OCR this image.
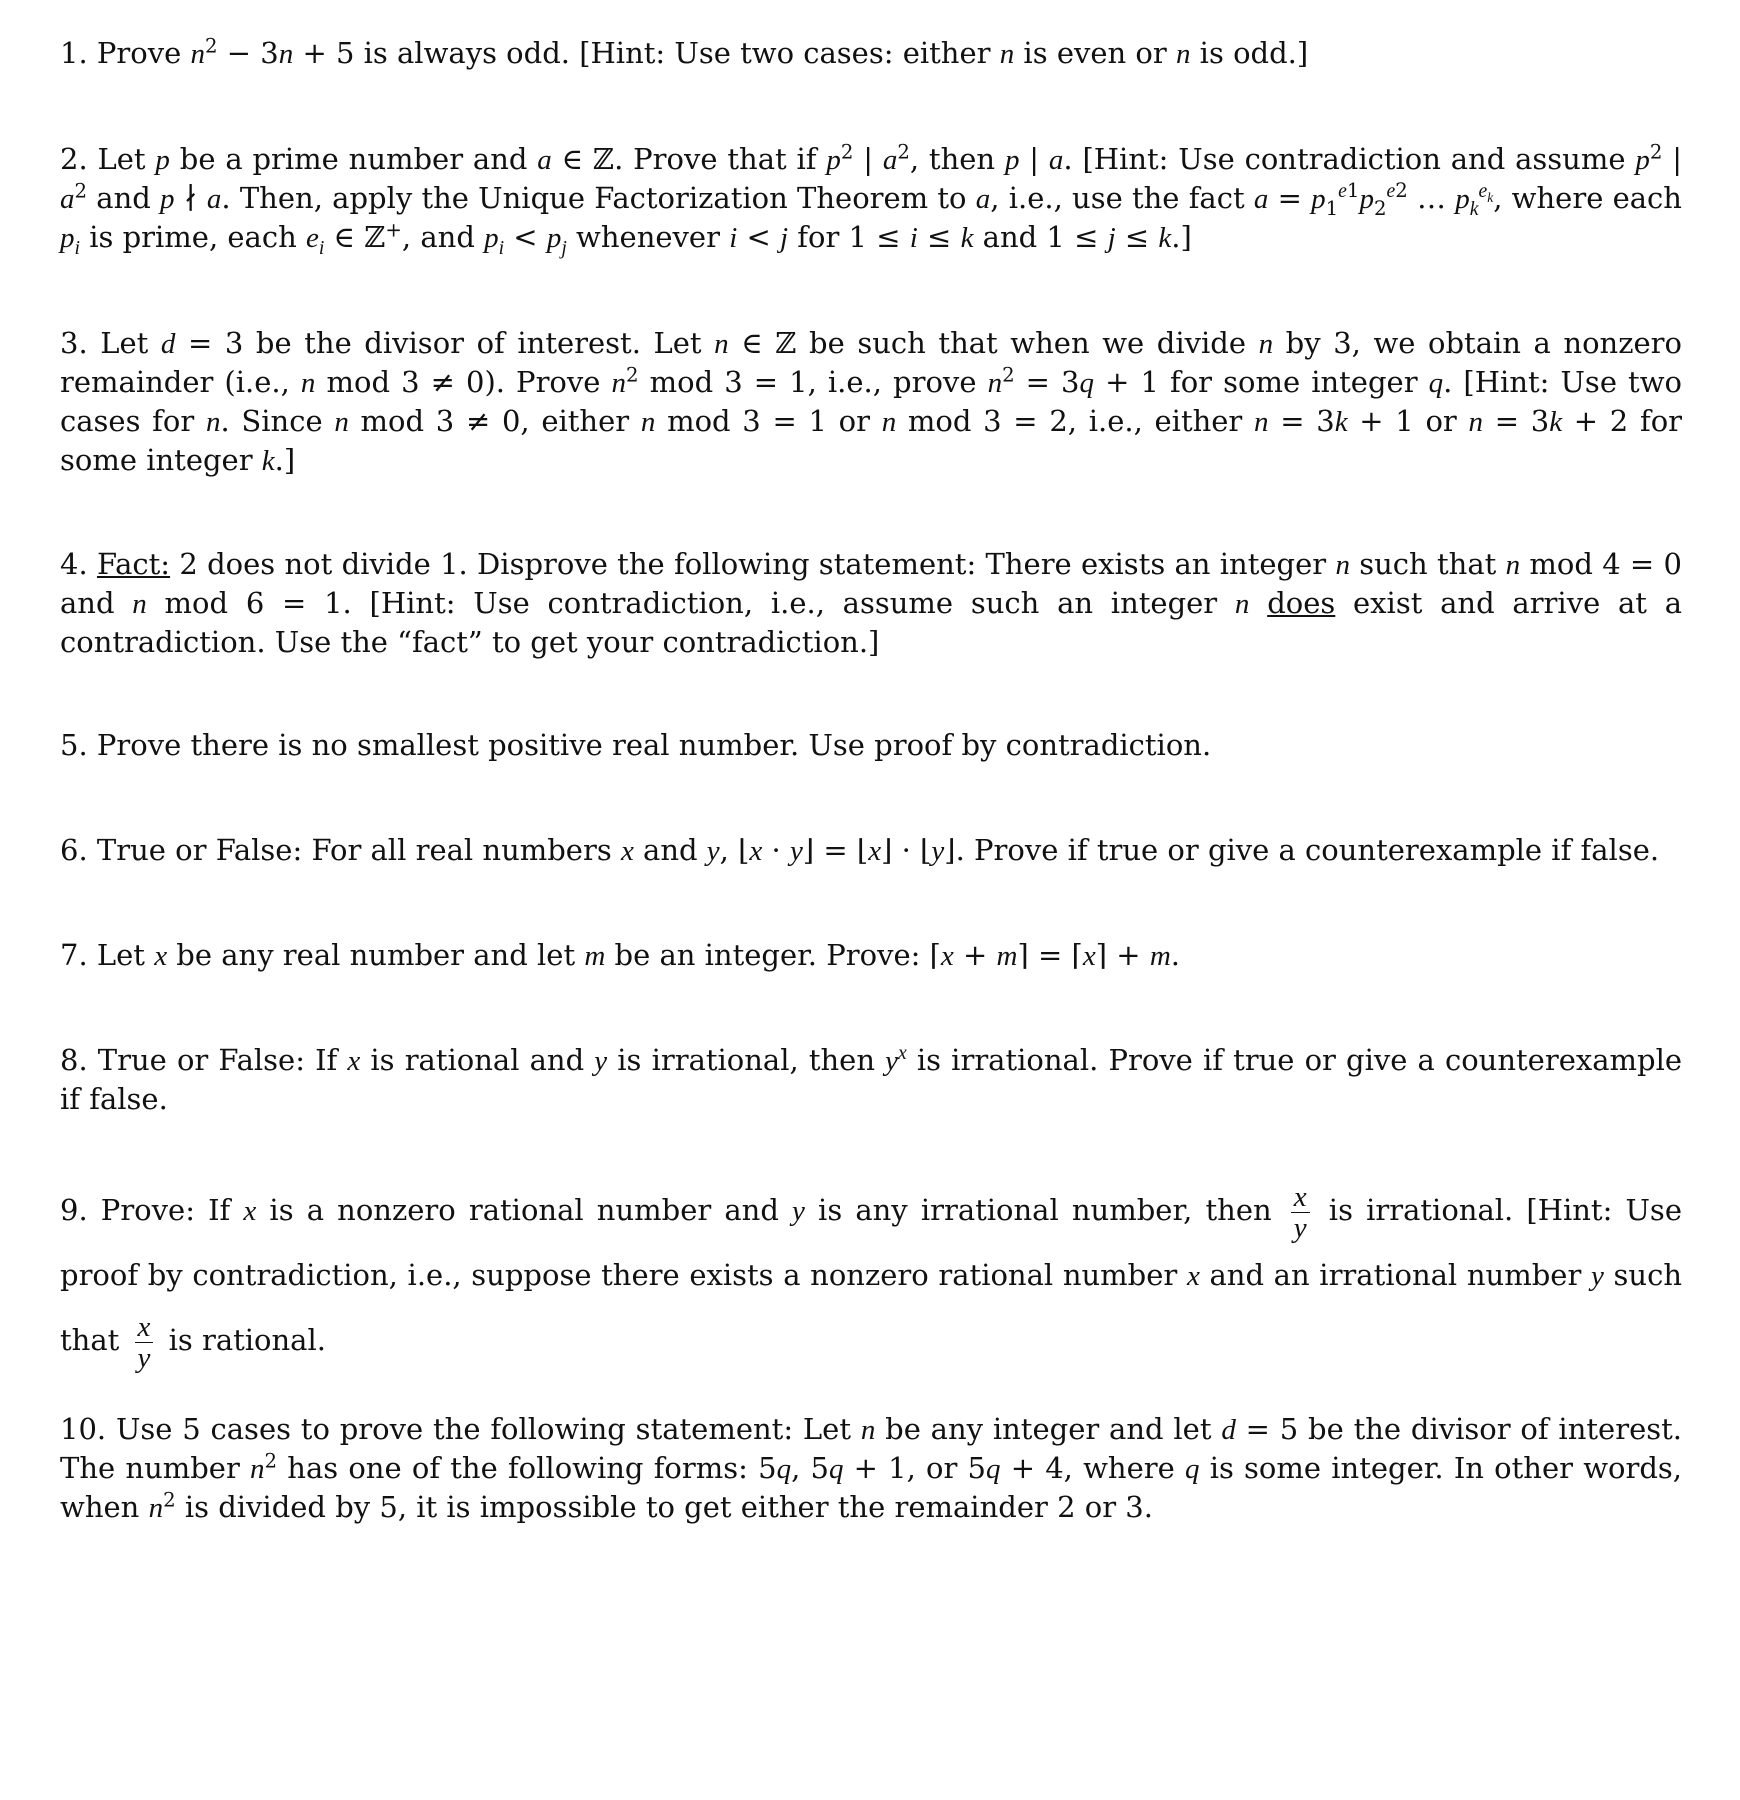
1. Prove $n^2 - 3n + 5$ is always odd. [Hint: Use two cases: either n is even or n is odd.]

2. Let p be a prime number and a ∈ ℤ. Prove that if $p^2$ | $a^2$, then p | a. [Hint: Use contradiction and assume $p^2$ | $a^2$ and p ∤ a. Then, apply the Unique Factorization Theorem to a, i.e., use the fact $a = p_1^{e1}p_2^{e2}$ … $p_k^{e_k}$, where each $p_i$ is prime, each $e_i$ ∈ ℤ+, and $p_i < p_j$ whenever i < j for 1 ≤ i ≤ k and 1 ≤ j ≤ k.]

3. Let d = 3 be the divisor of interest. Let n ∈ ℤ be such that when we divide n by 3, we obtain a nonzero remainder (i.e., n mod 3 ≠ 0). Prove $n^2$ mod 3 = 1, i.e., prove $n^2 = 3q + 1$ for some integer q. [Hint: Use two cases for n. Since n mod 3 ≠ 0, either n mod 3 = 1 or n mod 3 = 2, i.e., either n = 3k + 1 or n = 3k + 2 for some integer k.]

4. Fact: 2 does not divide 1. Disprove the following statement: There exists an integer n such that n mod 4 = 0 and n mod 6 = 1. [Hint: Use contradiction, i.e., assume such an integer n does exist and arrive at a contradiction. Use the “fact” to get your contradiction.]

5. Prove there is no smallest positive real number. Use proof by contradiction.

6. True or False: For all real numbers x and y, ⌊x · y⌋ = ⌊x⌋ · ⌊y⌋. Prove if true or give a counterexample if false.

7. Let x be any real number and let m be an integer. Prove: ⌈x + m⌉ = ⌈x⌉ + m.

8. True or False: If x is rational and y is irrational, then $y^x$ is irrational. Prove if true or give a counterexample if false.

9. Prove: If x is a nonzero rational number and y is any irrational number, then $\frac{x}{y}$ is irrational. [Hint: Use proof by contradiction, i.e., suppose there exists a nonzero rational number x and an irrational number y such that $\frac{x}{y}$ is rational.

10. Use 5 cases to prove the following statement: Let n be any integer and let d = 5 be the divisor of interest. The number $n^2$ has one of the following forms: 5q, 5q + 1, or 5q + 4, where q is some integer. In other words, when $n^2$ is divided by 5, it is impossible to get either the remainder 2 or 3.
